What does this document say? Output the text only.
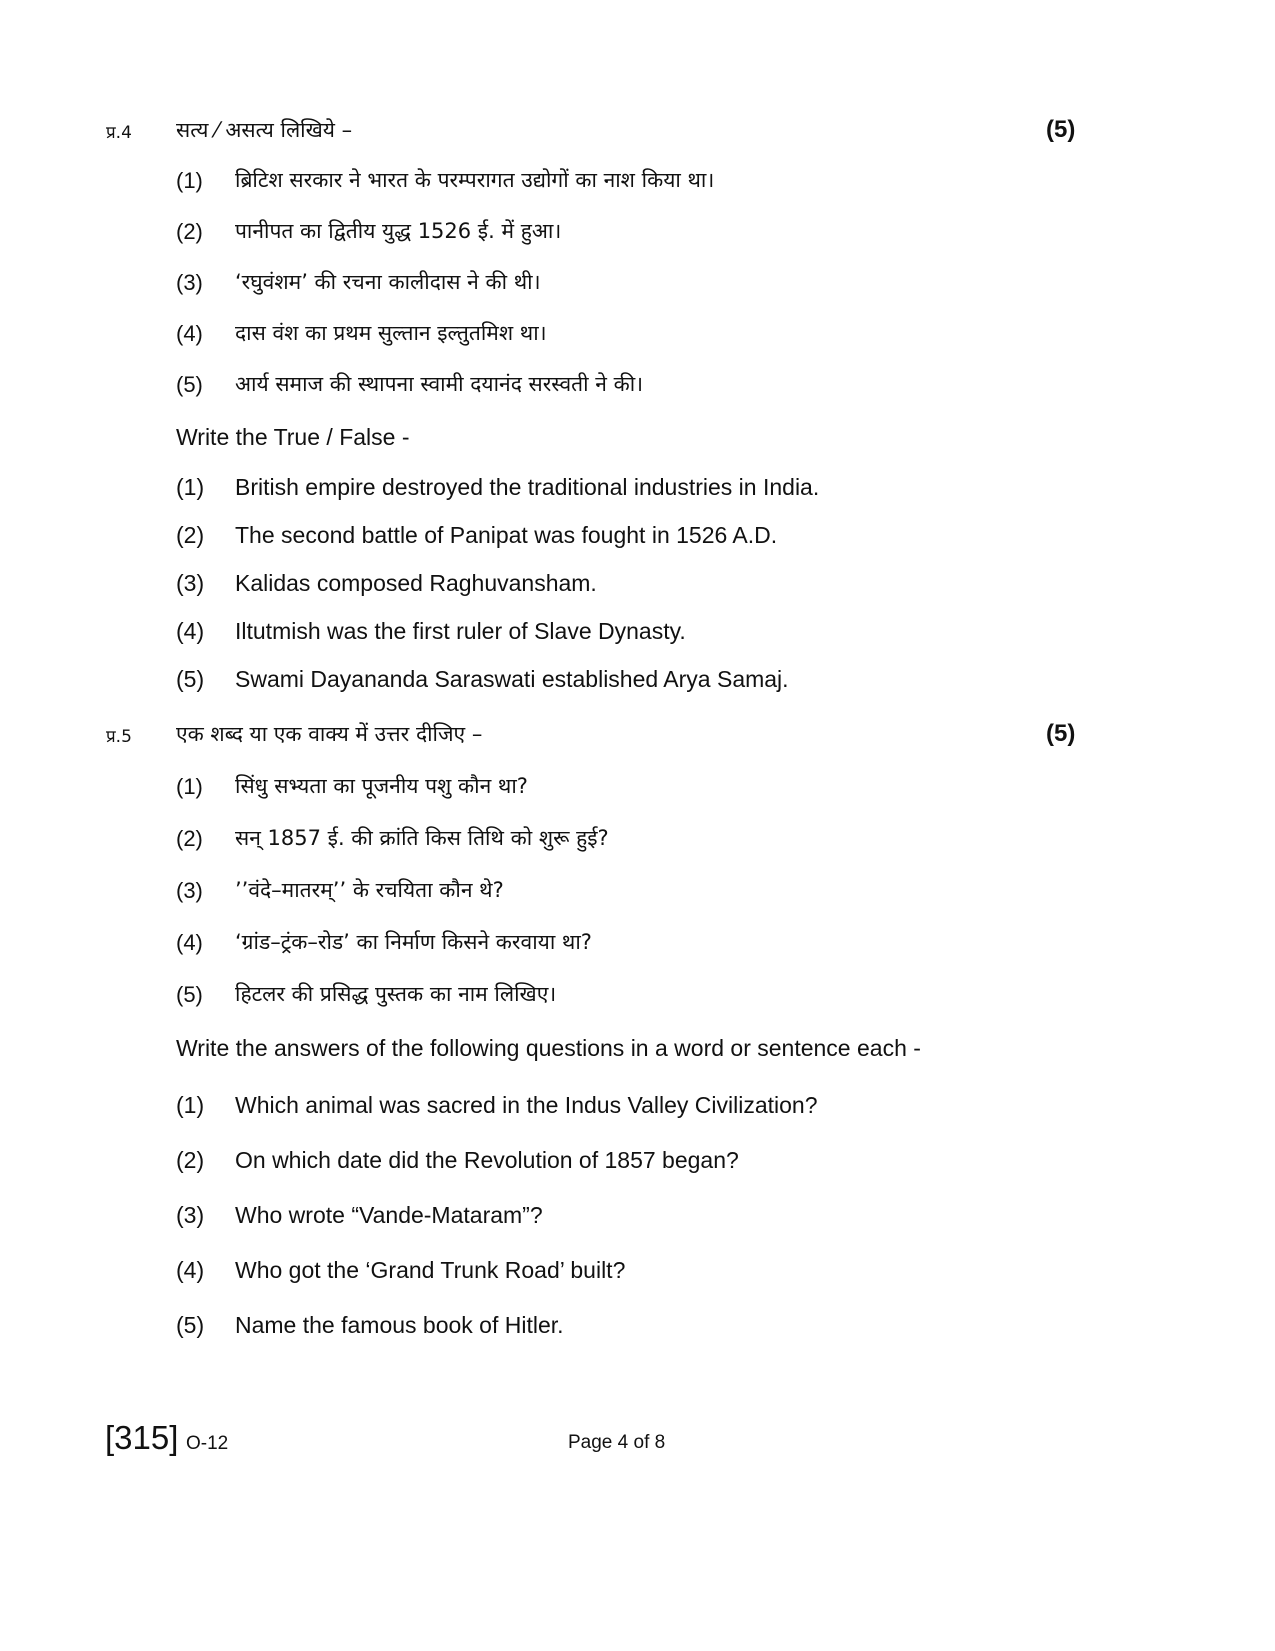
प्र.4 सत्य ⁄ असत्य लिखिये –	(5)
(1) ब्रिटिश सरकार ने भारत के परम्परागत उद्योगों का नाश किया था।
(2) पानीपत का द्वितीय युद्ध 1526 ई. में हुआ।
(3) ‘रघुवंशम’ की रचना कालीदास ने की थी।
(4) दास वंश का प्रथम सुल्तान इल्तुतमिश था।
(5) आर्य समाज की स्थापना स्वामी दयानंद सरस्वती ने की।
Write the True / False -
(1) British empire destroyed the traditional industries in India.
(2) The second battle of Panipat was fought in 1526 A.D.
(3) Kalidas composed Raghuvansham.
(4) Iltutmish was the first ruler of Slave Dynasty.
(5) Swami Dayananda Saraswati established Arya Samaj.
प्र.5 एक शब्द या एक वाक्य में उत्तर दीजिए –	(5)
(1) सिंधु सभ्यता का पूजनीय पशु कौन था?
(2) सन् 1857 ई. की क्रांति किस तिथि को शुरू हुई?
(3) ’’वंदे–मातरम्’’ के रचयिता कौन थे?
(4) ‘ग्रांड–ट्रंक–रोड’ का निर्माण किसने करवाया था?
(5) हिटलर की प्रसिद्ध पुस्तक का नाम लिखिए।
Write the answers of the following questions in a word or sentence each -
(1) Which animal was sacred in the Indus Valley Civilization?
(2) On which date did the Revolution of 1857 began?
(3) Who wrote “Vande-Mataram”?
(4) Who got the ‘Grand Trunk Road’ built?
(5) Name the famous book of Hitler.
[315] O-12	Page 4 of 8
